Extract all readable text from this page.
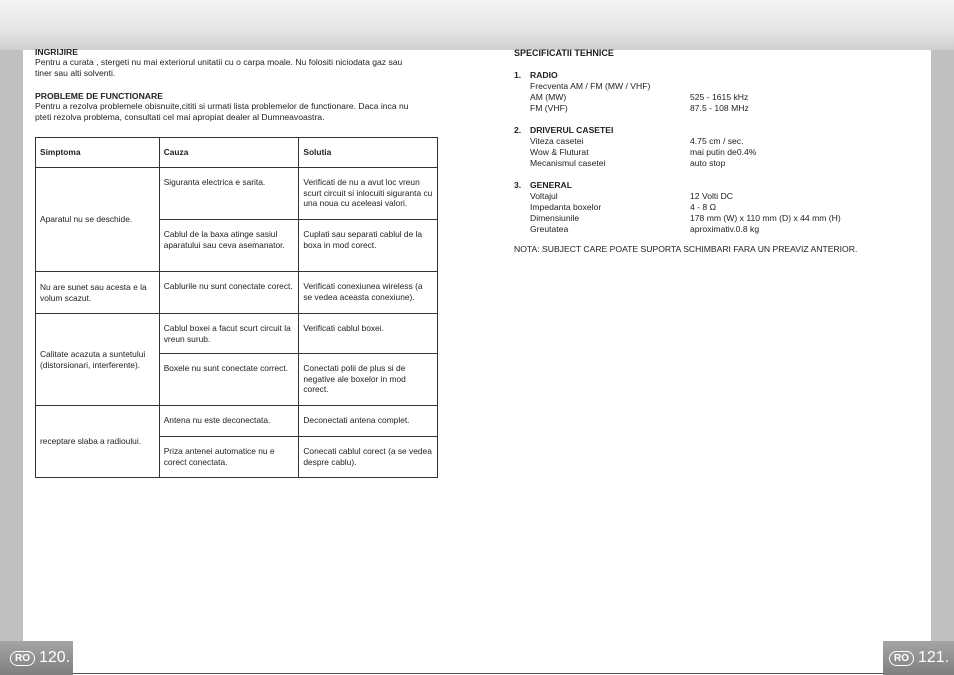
INGRIJIRE
Pentru a curata , stergeti nu mai exteriorul unitatii cu o carpa moale. Nu folositi niciodata gaz sau
tiner sau alti solventi.
PROBLEME DE FUNCTIONARE
Pentru a rezolva problemele obisnuite,cititi si urmati lista problemelor de functionare. Daca inca nu
pteti rezolva problema, consultati cel mai apropiat dealer al Dumneavoastra.
Simptoma	Cauza	Solutia
Aparatul nu se deschide.	Siguranta electrica e sarita.	Verificati de nu a avut loc vreun scurt circuit si inlocuiti siguranta cu una noua cu aceleasi valori.
	Cablul de la baxa atinge sasiul aparatului sau ceva asemanator.	Cuplati sau separati cablul de la boxa in mod corect.
Nu are sunet sau acesta e la volum scazut.	Cablurile nu sunt conectate corect.	Verificati conexiunea wireless (a se vedea aceasta conexiune).
Calitate acazuta a suntetului (distorsionari, interferente).	Cablul boxei a facut scurt circuit la vreun surub.	Verificati cablul boxei.
	Boxele nu sunt conectate correct.	Conectati polii de plus si de negative ale boxelor in mod corect.
receptare slaba a radioului.	Antena nu este deconectata.	Deconectati antena complet.
	Priza antenei automatice nu e corect conectata.	Conecati cablul corect (a se vedea despre cablu).
SPECIFICATII TEHNICE
1. RADIO
Frecventa AM / FM (MW / VHF)
AM (MW)	525 - 1615 kHz
FM (VHF)	87.5 - 108 MHz
2. DRIVERUL CASETEI
Viteza casetei	4.75 cm / sec.
Wow & Fluturat	mai putin de0.4%
Mecanismul casetei	auto stop
3. GENERAL
Voltajul	12 Volti DC
Impedanta boxelor	4 - 8 Ω
Dimensiunile	178 mm (W) x 110 mm (D) x 44 mm (H)
Greutatea	aproximativ.0.8 kg
NOTA: SUBJECT CARE POATE SUPORTA SCHIMBARI FARA UN PREAVIZ ANTERIOR.
RO 120.	RO 121.
